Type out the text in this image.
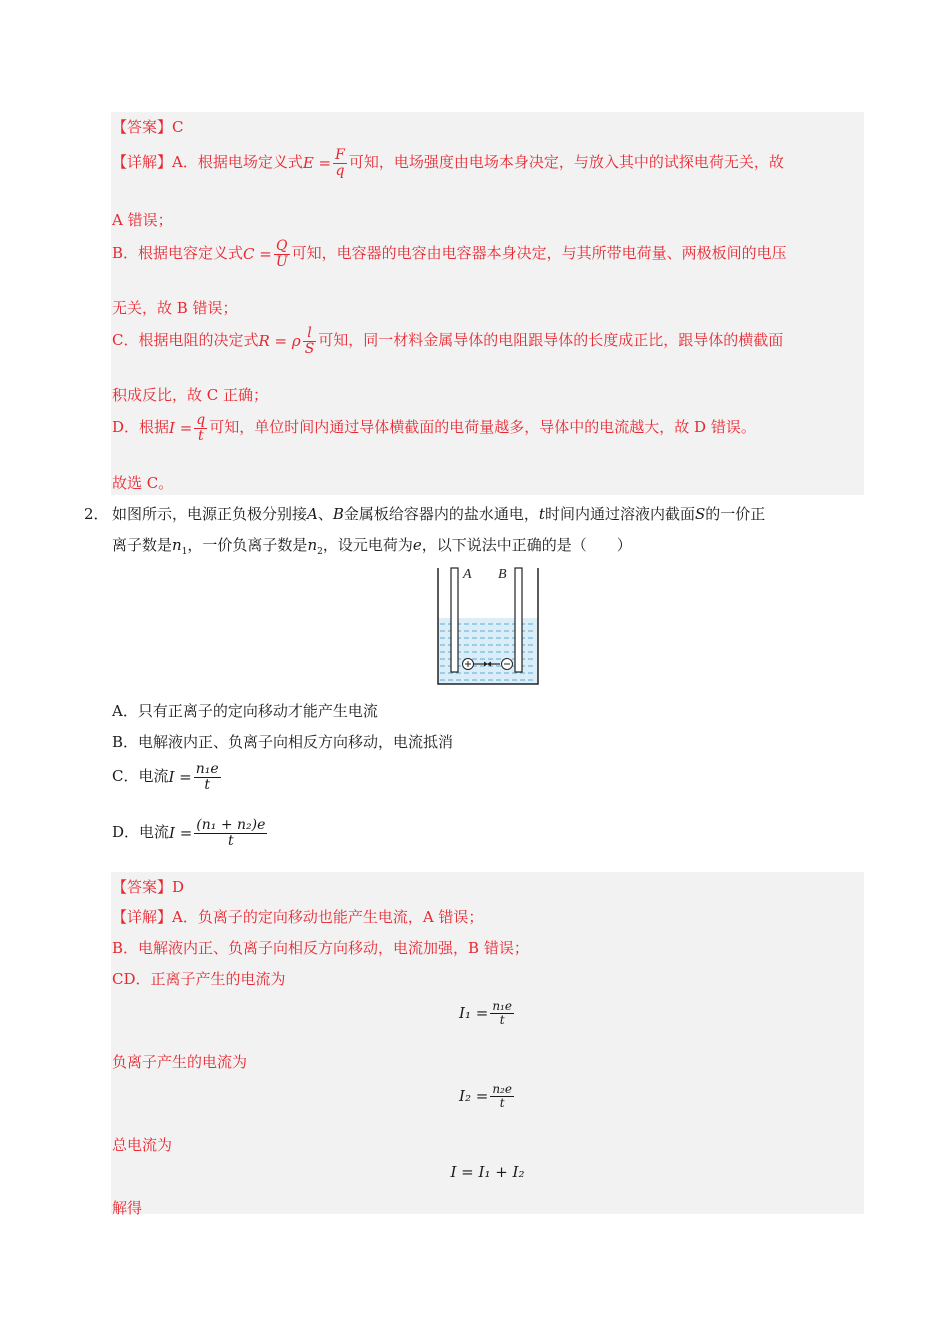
【答案】C
【详解】A．根据电场定义式$E = \frac{F}{q}$ 可知，电场强度由电场本身决定，与放入其中的试探电荷无关，故
A 错误；
B．根据电容定义式$C = \frac{Q}{U}$ 可知，电容器的电容由电容器本身决定，与其所带电荷量、两极板间的电压
无关，故 B 错误；
C．根据电阻的决定式R = ρ $\frac{l}{S}$ 可知，同一材料金属导体的电阻跟导体的长度成正比，跟导体的横截面
积成反比，故 C 正确；
D．根据$I = \frac{q}{t}$ 可知，单位时间内通过导体横截面的电荷量越多，导体中的电流越大，故 D 错误。
故选 C。
2． 如图所示，电源正负极分别接A、B金属板给容器内的盐水通电，t时间内通过溶液内截面S的一价正
离子数是$n_1$，一价负离子数是$n_2$，设元电荷为e，以下说法中正确的是（　　）
A B
A．只有正离子的定向移动才能产生电流
B．电解液内正、负离子向相反方向移动，电流抵消
C．电流$I = \frac{\text{n₁e}}{t}$
D．电流$I = \frac{\text{(n₁ + n₂)e}}{t}$
【答案】D
【详解】A．负离子的定向移动也能产生电流，A 错误；
B．电解液内正、负离子向相反方向移动，电流加强，B 错误；
CD．正离子产生的电流为
$I_1 = \frac{\text{n₁e}}{t}$
负离子产生的电流为
$I_2 = \frac{\text{n₂e}}{t}$
总电流为
I = I₁ + I₂
解得
